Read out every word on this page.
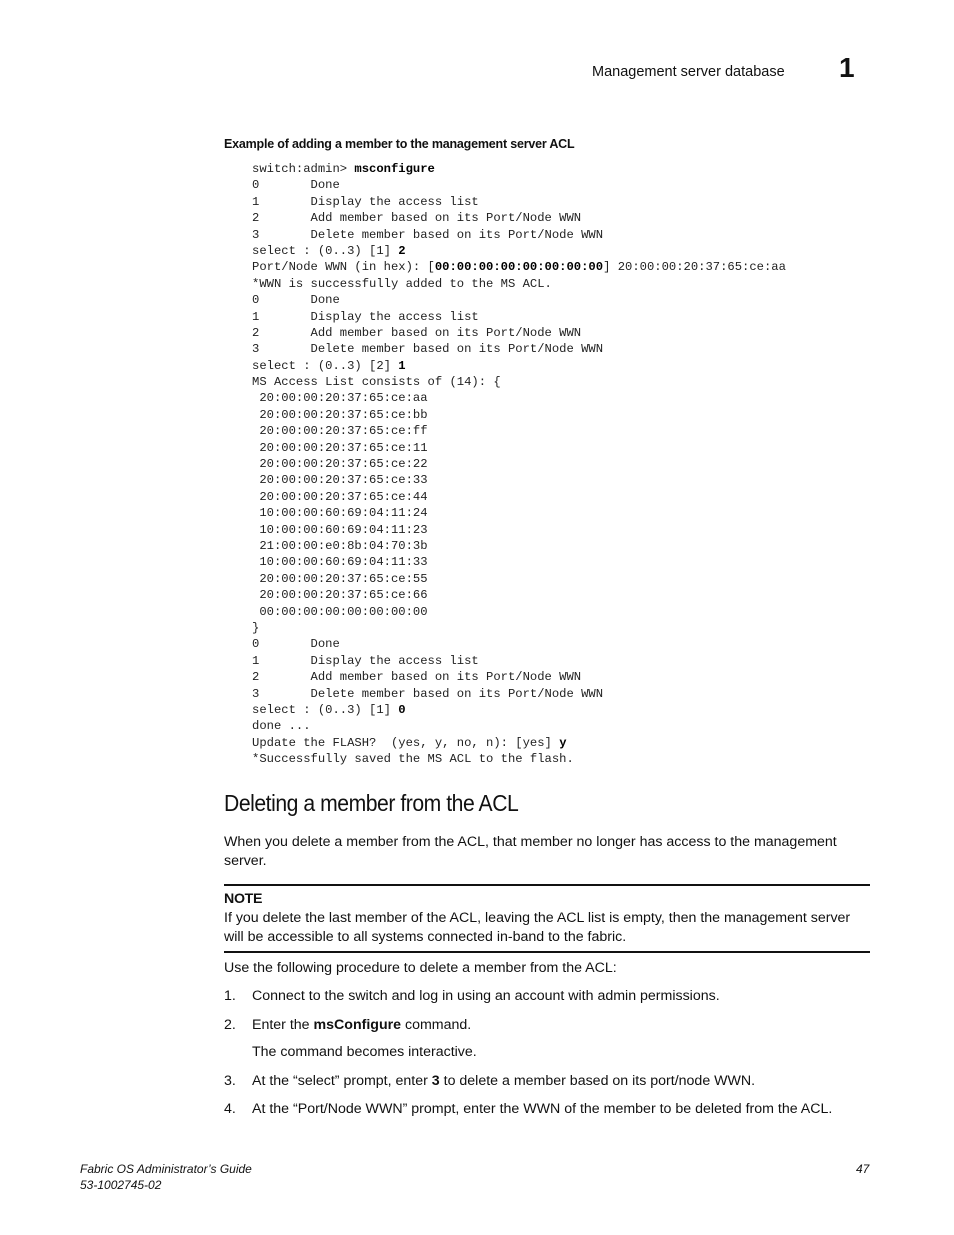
Management server database 1
Example of adding a member to the management server ACL
switch:admin> msconfigure
0       Done
1       Display the access list
2       Add member based on its Port/Node WWN
3       Delete member based on its Port/Node WWN
select : (0..3) [1] 2
Port/Node WWN (in hex): [00:00:00:00:00:00:00:00] 20:00:00:20:37:65:ce:aa
*WWN is successfully added to the MS ACL.
0       Done
1       Display the access list
2       Add member based on its Port/Node WWN
3       Delete member based on its Port/Node WWN
select : (0..3) [2] 1
MS Access List consists of (14): {
20:00:00:20:37:65:ce:aa
20:00:00:20:37:65:ce:bb
20:00:00:20:37:65:ce:ff
20:00:00:20:37:65:ce:11
20:00:00:20:37:65:ce:22
20:00:00:20:37:65:ce:33
20:00:00:20:37:65:ce:44
10:00:00:60:69:04:11:24
10:00:00:60:69:04:11:23
21:00:00:e0:8b:04:70:3b
10:00:00:60:69:04:11:33
20:00:00:20:37:65:ce:55
20:00:00:20:37:65:ce:66
00:00:00:00:00:00:00:00
}
0       Done
1       Display the access list
2       Add member based on its Port/Node WWN
3       Delete member based on its Port/Node WWN
select : (0..3) [1] 0
done ...
Update the FLASH?  (yes, y, no, n): [yes] y
*Successfully saved the MS ACL to the flash.
Deleting a member from the ACL
When you delete a member from the ACL, that member no longer has access to the management server.
NOTE
If you delete the last member of the ACL, leaving the ACL list is empty, then the management server will be accessible to all systems connected in-band to the fabric.
Use the following procedure to delete a member from the ACL:
1. Connect to the switch and log in using an account with admin permissions.
2. Enter the msConfigure command.
The command becomes interactive.
3. At the “select” prompt, enter 3 to delete a member based on its port/node WWN.
4. At the “Port/Node WWN” prompt, enter the WWN of the member to be deleted from the ACL.
Fabric OS Administrator’s Guide
53-1002745-02
47
